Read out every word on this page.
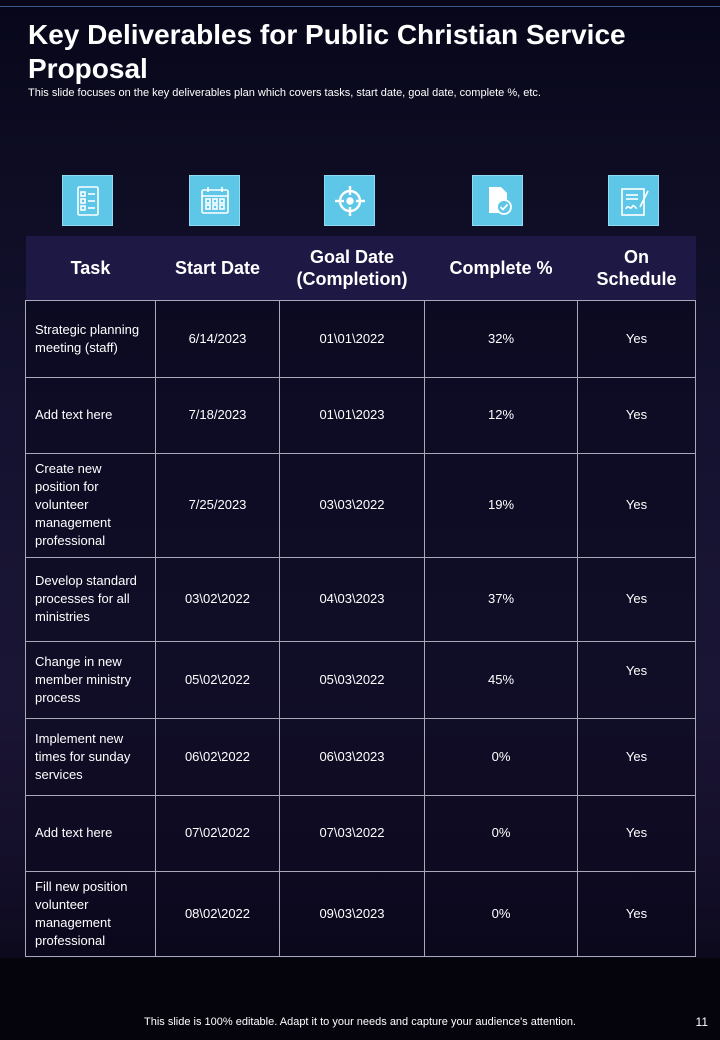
Key Deliverables for Public Christian Service Proposal
This slide focuses on the key deliverables plan which covers tasks, start date, goal date, complete %, etc.
Task	Start Date	Goal Date (Completion)	Complete %	On Schedule
Strategic planning meeting (staff)	6/14/2023	01\01\2022	32%	Yes
Add text here	7/18/2023	01\01\2023	12%	Yes
Create new position for volunteer management professional	7/25/2023	03\03\2022	19%	Yes
Develop standard processes for all ministries	03\02\2022	04\03\2023	37%	Yes
Change in new member ministry process	05\02\2022	05\03\2022	45%	Yes
Implement new times for sunday services	06\02\2022	06\03\2023	0%	Yes
Add text here	07\02\2022	07\03\2022	0%	Yes
Fill new position volunteer management professional	08\02\2022	09\03\2023	0%	Yes
This slide is 100% editable. Adapt it to your needs and capture your audience's attention.	11
